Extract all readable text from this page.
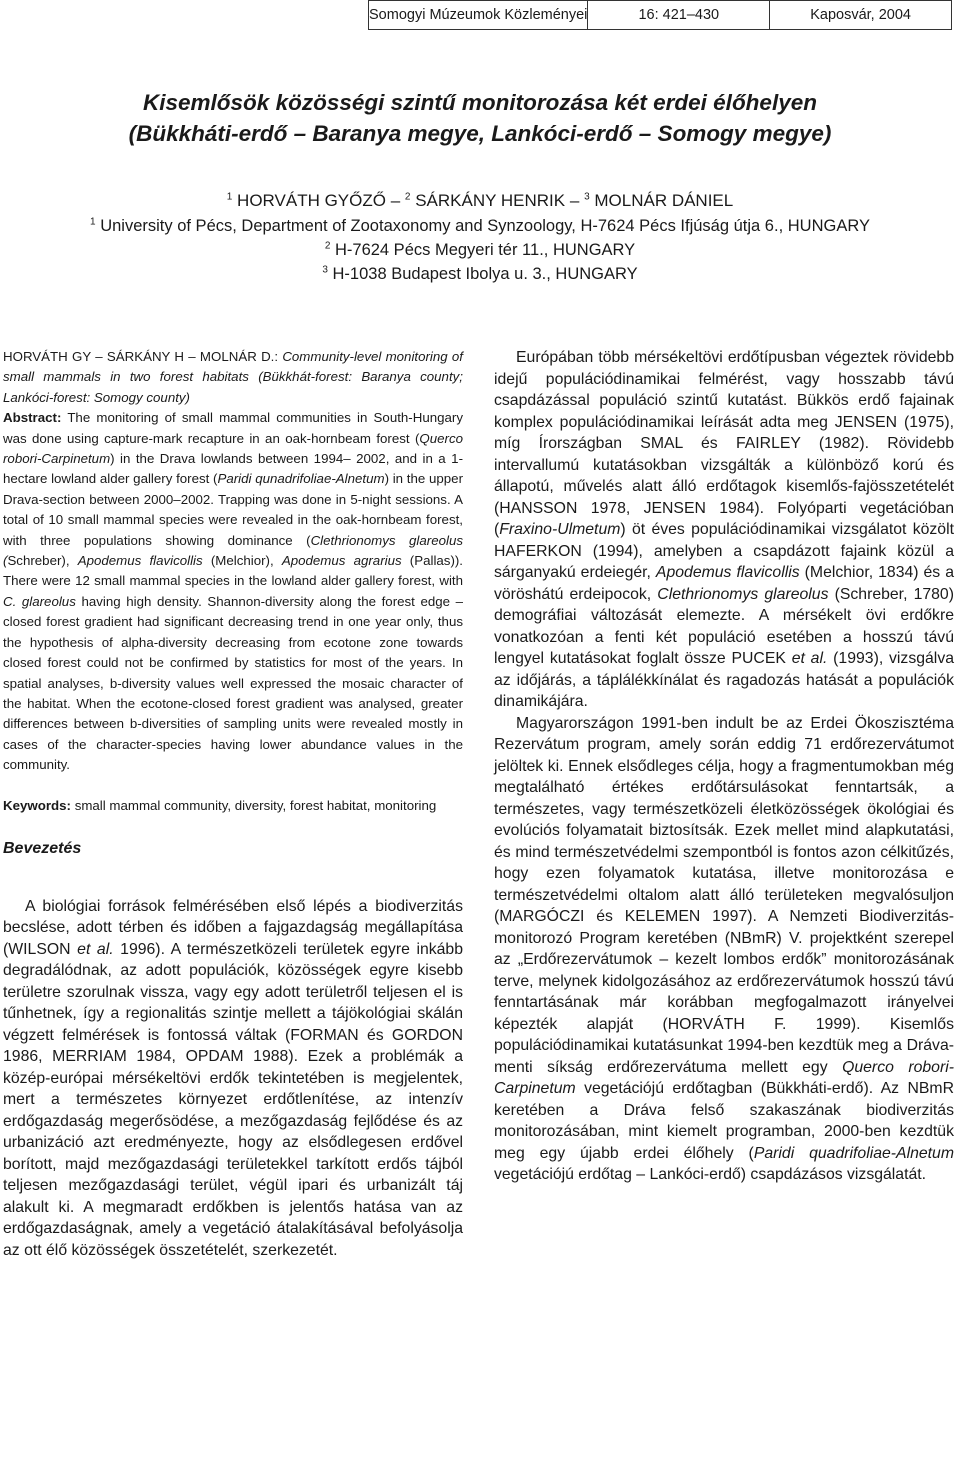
Somogyi Múzeumok Közleményei	16: 421–430	Kaposvár, 2004
Kisemlősök közösségi szintű monitorozása két erdei élőhelyen
(Bükkháti-erdő – Baranya megye, Lankóci-erdő – Somogy megye)
$^1$ HORVÁTH GYŐZŐ – $^2$ SÁRKÁNY HENRIK – $^3$ MOLNÁR DÁNIEL
$^1$ University of Pécs, Department of Zootaxonomy and Synzoology, H-7624 Pécs Ifjúság útja 6., HUNGARY
$^2$ H-7624 Pécs Megyeri tér 11., HUNGARY
$^3$ H-1038 Budapest Ibolya u. 3., HUNGARY

HORVÁTH GY – SÁRKÁNY H – MOLNÁR D.: Community-level monitoring of small mammals in two forest habitats (Bükkhát-forest: Baranya county; Lankóci-forest: Somogy county)

Abstract: The monitoring of small mammal communities in South-Hungary was done using capture-mark recapture in an oak-hornbeam forest (Querco robori-Carpinetum) in the Drava lowlands between 1994– 2002, and in a 1-hectare lowland alder gallery forest (Paridi qunadrifoliae-Alnetum) in the upper Drava-section between 2000–2002. Trapping was done in 5-night sessions. A total of 10 small mammal species were revealed in the oak-hornbeam forest, with three populations showing dominance (Clethrionomys glareolus (Schreber), Apodemus flavicollis (Melchior), Apodemus agrarius (Pallas)). There were 12 small mammal species in the lowland alder gallery forest, with C. glareolus having high density. Shannon-diversity along the forest edge – closed forest gradient had significant decreasing trend in one year only, thus the hypothesis of alpha-diversity decreasing from ecotone zone towards closed forest could not be confirmed by statistics for most of the years. In spatial analyses, b-diversity values well expressed the mosaic character of the habitat. When the ecotone-closed forest gradient was analysed, greater differences between b-diversities of sampling units were revealed mostly in cases of the character-species having lower abundance values in the community.

Keywords: small mammal community, diversity, forest habitat, monitoring

Bevezetés

A biológiai források felmérésében első lépés a biodiverzitás becslése, adott térben és időben a fajgazdagság megállapítása (WILSON et al. 1996). A természetközeli területek egyre inkább degradálódnak, az adott populációk, közösségek egyre kisebb területre szorulnak vissza, vagy egy adott területről teljesen el is tűnhetnek, így a regionalitás szintje mellett a tájökológiai skálán végzett felmérések is fontossá váltak (FORMAN és GORDON 1986, MERRIAM 1984, OPDAM 1988). Ezek a problémák a közép-európai mérsékeltövi erdők tekintetében is megjelentek, mert a természetes környezet erdőtlenítése, az intenzív erdőgazdaság megerősödése, a mezőgazdaság fejlődése és az urbanizáció azt eredményezte, hogy az elsődlegesen erdővel borított, majd mezőgazdasági területekkel tarkított erdős tájból teljesen mezőgazdasági terület, végül ipari és urbanizált táj alakult ki. A megmaradt erdőkben is jelentős hatása van az erdőgazdaságnak, amely a vegetáció átalakításával befolyásolja az ott élő közösségek összetételét, szerkezetét.

Európában több mérsékeltövi erdőtípusban végeztek rövidebb idejű populációdinamikai felmérést, vagy hosszabb távú csapdázással populáció szintű kutatást. Bükkös erdő fajainak komplex populációdinamikai leírását adta meg JENSEN (1975), míg Írországban SMAL és FAIRLEY (1982). Rövidebb intervallumú kutatásokban vizsgálták a különböző korú és állapotú, művelés alatt álló erdőtagok kisemlős-fajösszetételét (HANSSON 1978, JENSEN 1984). Folyóparti vegetációban (Fraxino-Ulmetum) öt éves populációdinamikai vizsgálatot közölt HAFERKON (1994), amelyben a csapdázott fajaink közül a sárganyakú erdeiegér, Apodemus flavicollis (Melchior, 1834) és a vöröshátú erdeipocok, Clethrionomys glareolus (Schreber, 1780) demográfiai változását elemezte. A mérsékelt övi erdőkre vonatkozóan a fenti két populáció esetében a hosszú távú lengyel kutatásokat foglalt össze PUCEK et al. (1993), vizsgálva az időjárás, a táplálékkínálat és ragadozás hatását a populációk dinamikájára.

Magyarországon 1991-ben indult be az Erdei Ökoszisztéma Rezervátum program, amely során eddig 71 erdőrezervátumot jelöltek ki. Ennek elsődleges célja, hogy a fragmentumokban még megtalálható értékes erdőtársulásokat fenntartsák, a természetes, vagy természetközeli életközösségek ökológiai és evolúciós folyamatait biztosítsák. Ezek mellet mind alapkutatási, és mind természetvédelmi szempontból is fontos azon célkitűzés, hogy ezen folyamatok kutatása, illetve monitorozása e természetvédelmi oltalom alatt álló területeken megvalósuljon (MARGÓCZI és KELEMEN 1997). A Nemzeti Biodiverzitás-monitorozó Program keretében (NBmR) V. projektként szerepel az „Erdőrezervátumok – kezelt lombos erdők” monitorozásának terve, melynek kidolgozásához az erdőrezervátumok hosszú távú fenntartásának már korábban megfogalmazott irányelvei képezték alapját (HORVÁTH F. 1999). Kisemlős populációdinamikai kutatásunkat 1994-ben kezdtük meg a Dráva-menti síkság erdőrezervátuma mellett egy Querco robori-Carpinetum vegetációjú erdőtagban (Bükkháti-erdő). Az NBmR keretében a Dráva felső szakaszának biodiverzitás monitorozásában, mint kiemelt programban, 2000-ben kezdtük meg egy újabb erdei élőhely (Paridi quadrifoliae-Alnetum vegetációjú erdőtag – Lankóci-erdő) csapdázásos vizsgálatát.
